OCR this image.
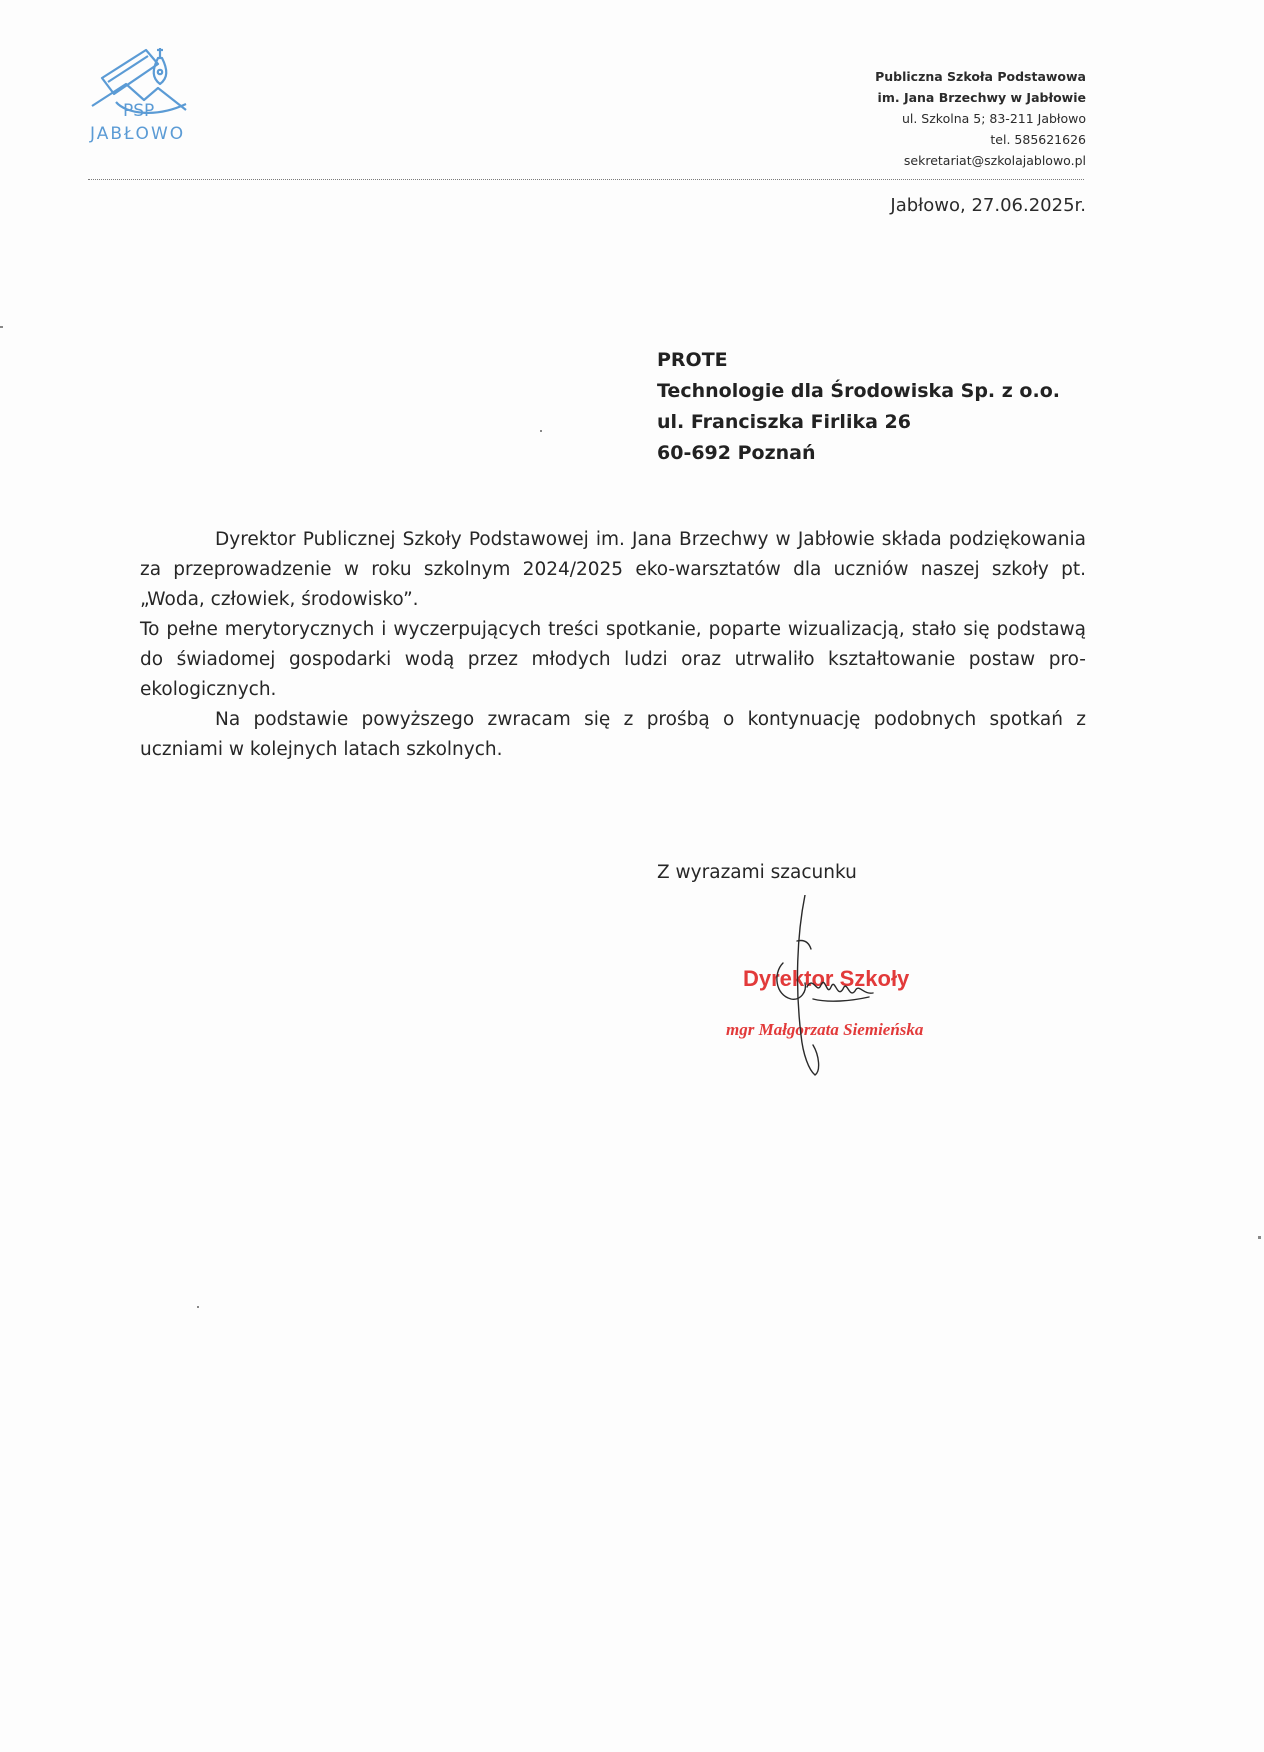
PSP
JABŁOWO
Publiczna Szkoła Podstawowa
im. Jana Brzechwy w Jabłowie
ul. Szkolna 5; 83-211 Jabłowo
tel. 585621626
sekretariat@szkolajablowo.pl
Jabłowo, 27.06.2025r.
PROTE
Technologie dla Środowiska Sp. z o.o.
ul. Franciszka Firlika 26
60-692 Poznań

Dyrektor Publicznej Szkoły Podstawowej im. Jana Brzechwy w Jabłowie składa podziękowania za przeprowadzenie w roku szkolnym 2024/2025 eko-warsztatów dla uczniów naszej szkoły pt. „Woda, człowiek, środowisko”.

To pełne merytorycznych i wyczerpujących treści spotkanie, poparte wizualizacją, stało się podstawą do świadomej gospodarki wodą przez młodych ludzi oraz utrwaliło kształtowanie postaw pro-ekologicznych.

Na podstawie powyższego zwracam się z prośbą o kontynuację podobnych spotkań z uczniami w kolejnych latach szkolnych.

Z wyrazami szacunku
Dyrektor Szkoły
mgr Małgorzata Siemieńska
